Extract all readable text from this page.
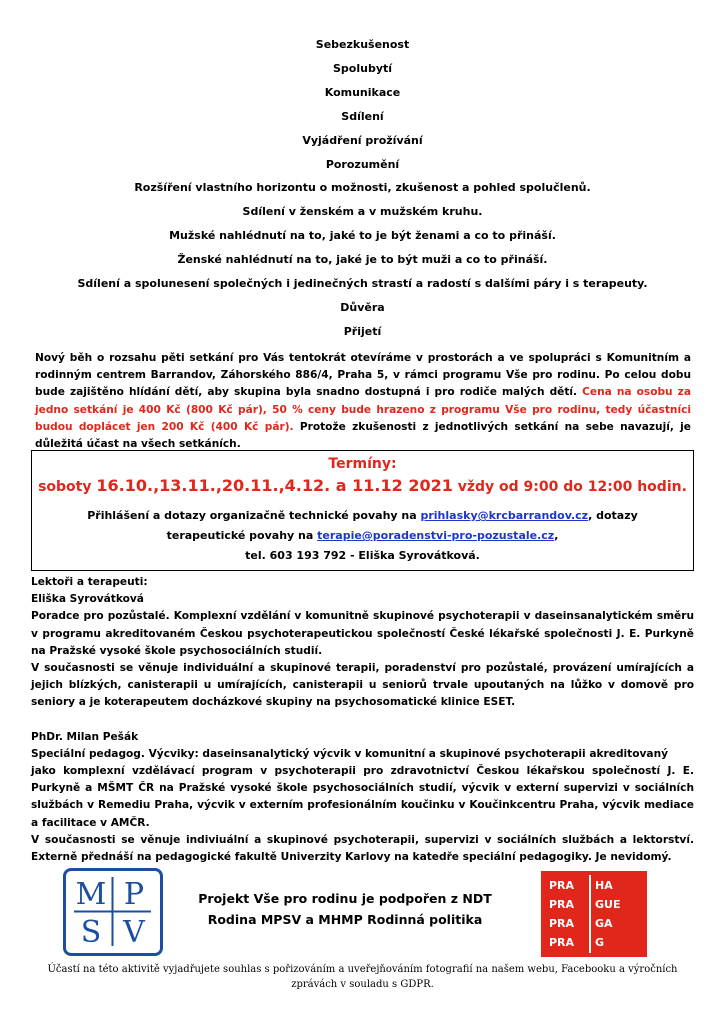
Sebezkušenost
Spolubytí
Komunikace
Sdílení
Vyjádření prožívání
Porozumění
Rozšíření vlastního horizontu o možnosti, zkušenost a pohled spolučlenů.
Sdílení v ženském a v mužském kruhu.
Mužské nahlédnutí na to, jaké to je být ženami a co to přináší.
Ženské nahlédnutí na to, jaké je to být muži a co to přináší.
Sdílení a spolunesení společných i jedinečných strastí a radostí s dalšími páry i s terapeuty.
Důvěra
Přijetí
Nový běh o rozsahu pěti setkání pro Vás tentokrát otevíráme v prostorách a ve spolupráci s Komunitním a rodinným centrem Barrandov, Záhorského 886/4, Praha 5, v rámci programu Vše pro rodinu. Po celou dobu bude zajištěno hlídání dětí, aby skupina byla snadno dostupná i pro rodiče malých dětí. Cena na osobu za jedno setkání je 400 Kč (800 Kč pár), 50 % ceny bude hrazeno z programu Vše pro rodinu, tedy účastníci budou doplácet jen 200 Kč (400 Kč pár). Protože zkušenosti z jednotlivých setkání na sebe navazují, je důležitá účast na všech setkáních.
Termíny:
soboty 16.10.,13.11.,20.11.,4.12. a 11.12 2021 vždy od 9:00 do 12:00 hodin.
Přihlášení a dotazy organizačně technické povahy na prihlasky@krcbarrandov.cz, dotazy
terapeutické povahy na terapie@poradenstvi-pro-pozustale.cz,
tel. 603 193 792 - Eliška Syrovátková.

Lektoři a terapeuti:

Eliška Syrovátková

Poradce pro pozůstalé. Komplexní vzdělání v komunitně skupinové psychoterapii v daseinsanalytickém směru v programu akreditovaném Českou psychoterapeutickou společností České lékařské společnosti J. E. Purkyně na Pražské vysoké škole psychosociálních studií.

V současnosti se věnuje individuální a skupinové terapii, poradenství pro pozůstalé, provázení umírajících a jejich blízkých, canisterapii u umírajících, canisterapii u seniorů trvale upoutaných na lůžko v domově pro seniory a je koterapeutem docházkové skupiny na psychosomatické klinice ESET.

PhDr. Milan Pešák

Speciální pedagog. Výcviky: daseinsanalytický výcvik v komunitní a skupinové psychoterapii akreditovaný

jako komplexní vzdělávací program v psychoterapii pro zdravotnictví Českou lékařskou společností J. E. Purkyně a MŠMT ČR na Pražské vysoké škole psychosociálních studií, výcvik v externí supervizi v sociálních službách v Remediu Praha, výcvik v externím profesionálním koučinku v Koučinkcentru Praha, výcvik mediace a facilitace v AMČR.

V současnosti se věnuje indiviuální a skupinové psychoterapii, supervizi v sociálních službách a lektorství. Externě přednáší na pedagogické fakultě Univerzity Karlovy na katedře speciální pedagogiky. Je nevidomý.

M P
S V
Projekt Vše pro rodinu je podpořen z NDT
Rodina MPSV a MHMP Rodinná politika
PRA
PRA
PRA
PRA
HA
GUE
GA
G
Účastí na této aktivitě vyjadřujete souhlas s pořizováním a uveřejňováním fotografií na našem webu, Facebooku a výročních zprávách v souladu s GDPR.
